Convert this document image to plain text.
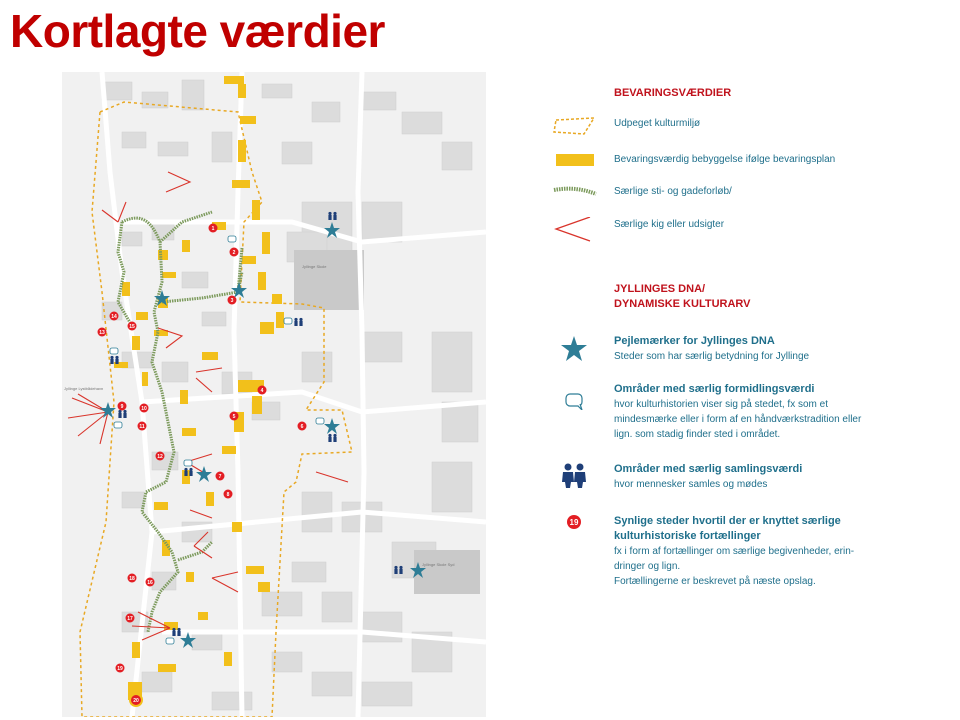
Kortlagte værdier
Jyllinge Skole
Jyllinge Skole Syd
Jyllinge Lystbådehavn
1
2
3
4
5
6
7
8
9	10
11
12
13
14
15
16
17
18
19
20
BEVARINGSVÆRDIER
Udpeget kulturmiljø
Bevaringsværdig bebyggelse ifølge bevaringsplan
Særlige sti- og gadeforløb/
Særlige kig eller udsigter
JYLLINGES DNA/
DYNAMISKE KULTURARV
Pejlemærker for Jyllinges DNA
Steder som har særlig betydning for Jyllinge
Områder med særlig formidlingsværdi
hvor kulturhistorien viser sig på stedet, fx som et
mindesmærke eller i form af en håndværkstradition eller
lign. som stadig finder sted i området.
Områder med særlig samlingsværdi
hvor mennesker samles og mødes
19	Synlige steder hvortil der er knyttet særlige
kulturhistoriske fortællinger
fx i form af fortællinger om særlige begivenheder, erin-
dringer og lign.
Fortællingerne er beskrevet på næste opslag.
